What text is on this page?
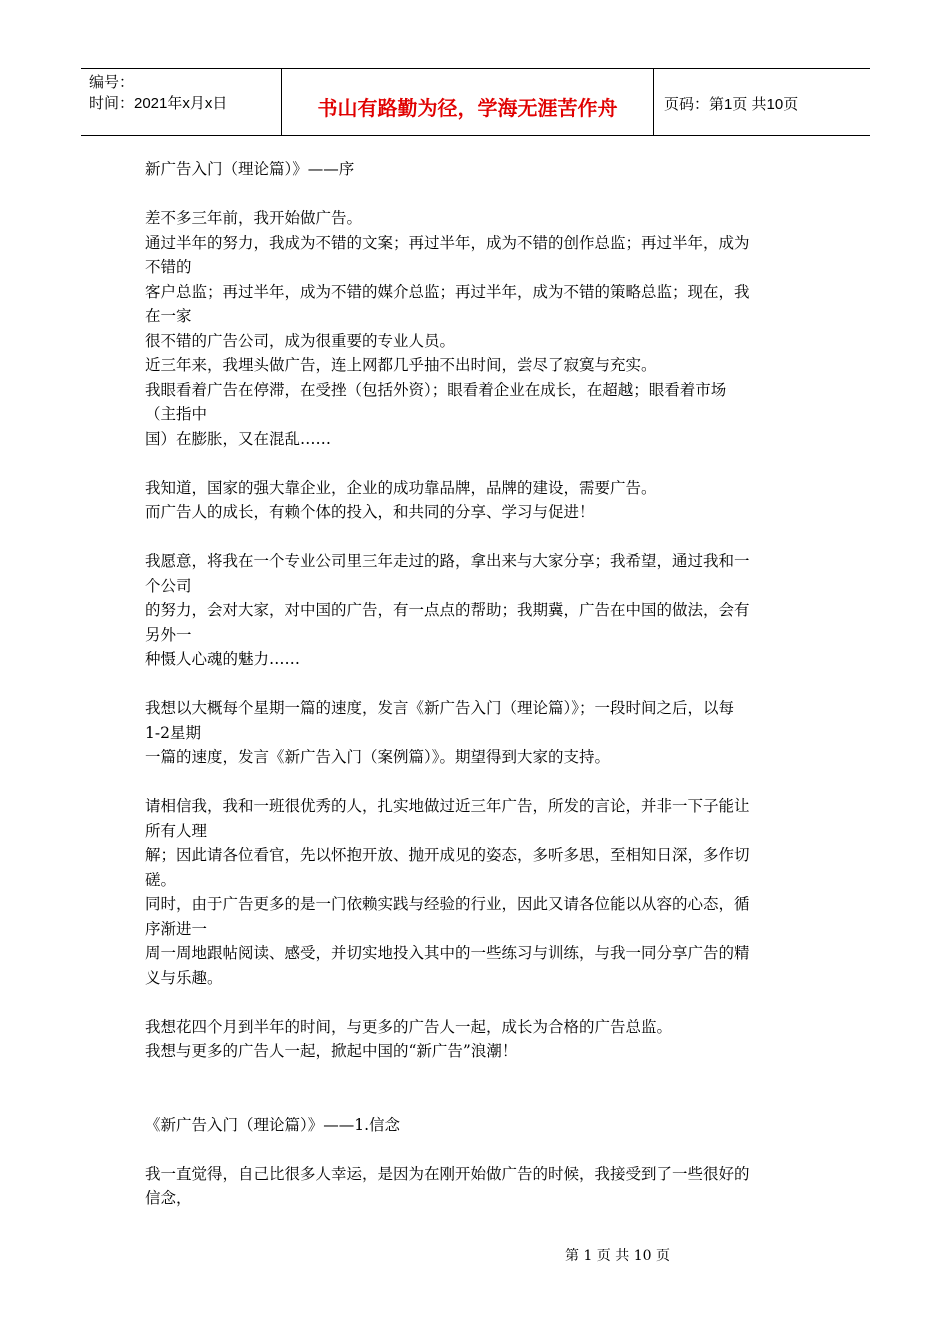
编号：
时间：2021年x月x日	书山有路勤为径，学海无涯苦作舟	页码：第1页 共10页
新广告入门（理论篇）》——序
差不多三年前，我开始做广告。
通过半年的努力，我成为不错的文案；再过半年，成为不错的创作总监；再过半年，成为
不错的
客户总监；再过半年，成为不错的媒介总监；再过半年，成为不错的策略总监；现在，我
在一家
很不错的广告公司，成为很重要的专业人员。
近三年来，我埋头做广告，连上网都几乎抽不出时间，尝尽了寂寞与充实。
我眼看着广告在停滞，在受挫（包括外资）；眼看着企业在成长，在超越；眼看着市场
（主指中
国）在膨胀，又在混乱……
我知道，国家的强大靠企业，企业的成功靠品牌，品牌的建设，需要广告。
而广告人的成长，有赖个体的投入，和共同的分享、学习与促进！
我愿意，将我在一个专业公司里三年走过的路，拿出来与大家分享；我希望，通过我和一
个公司
的努力，会对大家，对中国的广告，有一点点的帮助；我期冀，广告在中国的做法，会有
另外一
种慑人心魂的魅力……
我想以大概每个星期一篇的速度，发言《新广告入门（理论篇）》；一段时间之后，以每
1-2星期
一篇的速度，发言《新广告入门（案例篇）》。期望得到大家的支持。
请相信我，我和一班很优秀的人，扎实地做过近三年广告，所发的言论，并非一下子能让
所有人理
解；因此请各位看官，先以怀抱开放、抛开成见的姿态，多听多思，至相知日深，多作切
磋。
同时，由于广告更多的是一门依赖实践与经验的行业，因此又请各位能以从容的心态，循
序渐进一
周一周地跟帖阅读、感受，并切实地投入其中的一些练习与训练，与我一同分享广告的精
义与乐趣。
我想花四个月到半年的时间，与更多的广告人一起，成长为合格的广告总监。
我想与更多的广告人一起，掀起中国的“新广告”浪潮！
《新广告入门（理论篇）》——1.信念
我一直觉得，自己比很多人幸运，是因为在刚开始做广告的时候，我接受到了一些很好的
信念，
第 1 页 共 10 页
